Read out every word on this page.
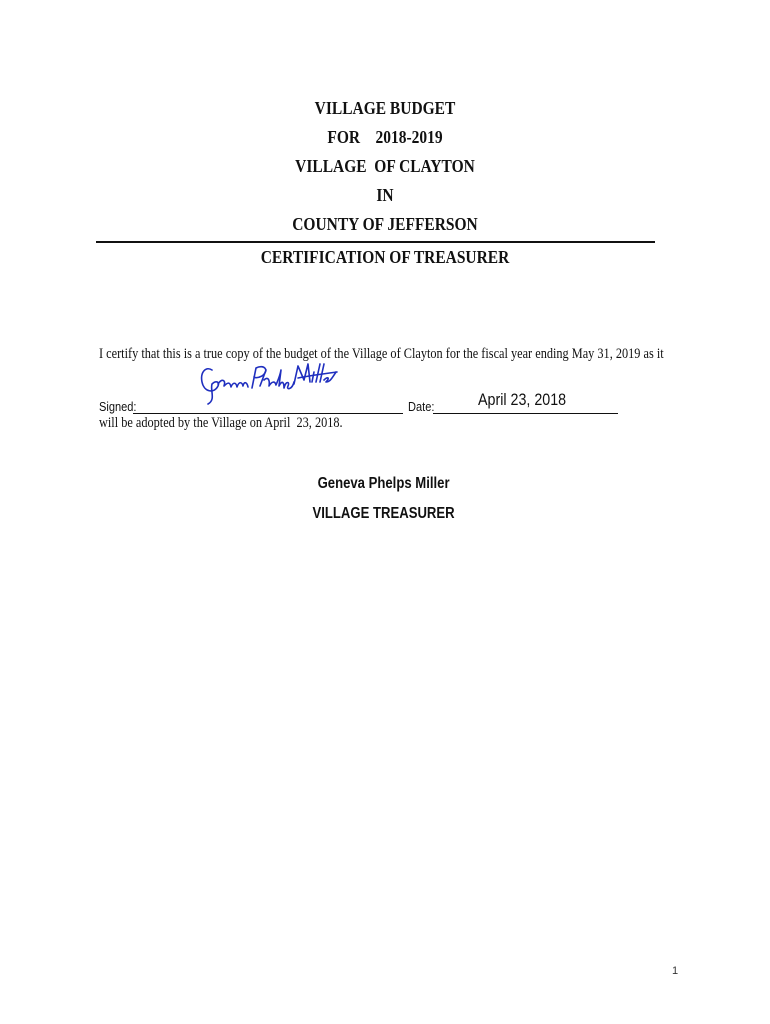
VILLAGE BUDGET
FOR    2018-2019
VILLAGE  OF CLAYTON
IN
COUNTY OF JEFFERSON
CERTIFICATION OF TREASURER

I certify that this is a true copy of the budget of the Village of Clayton for the fiscal year ending May 31, 2019 as it

will be adopted by the Village on April  23, 2018.

Signed:	Date:	April 23, 2018
Geneva Phelps Miller
VILLAGE TREASURER
1
